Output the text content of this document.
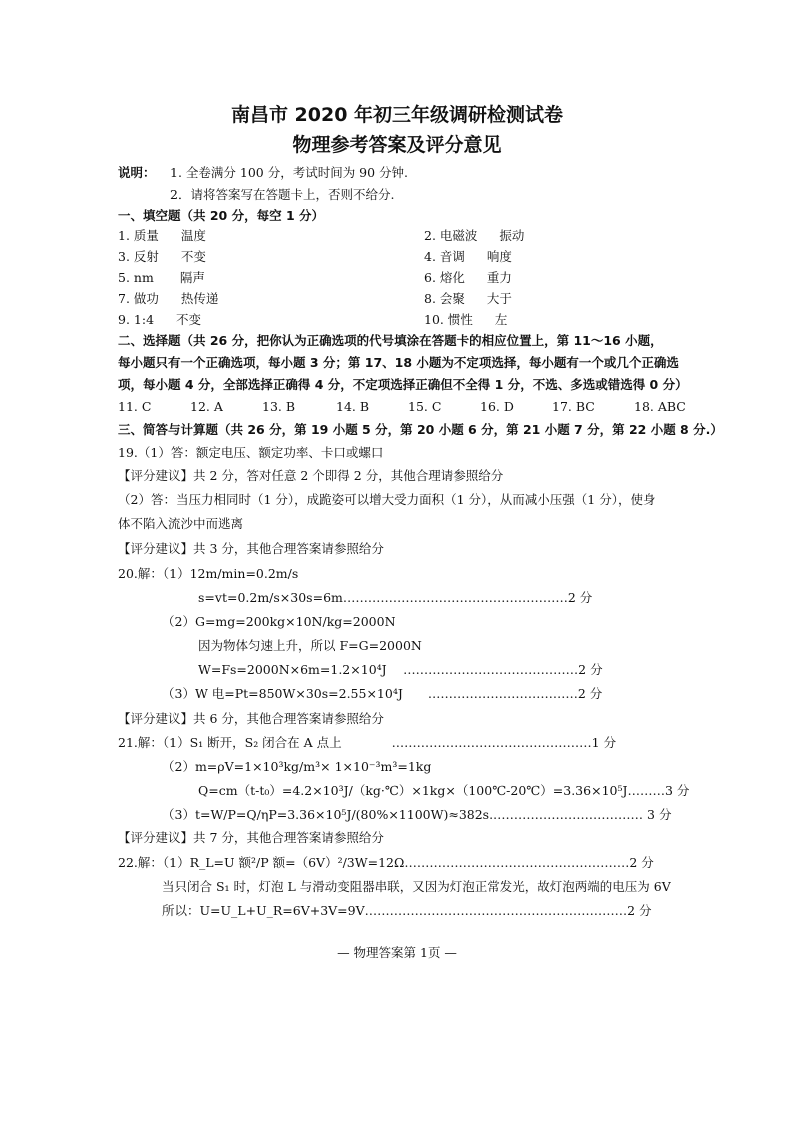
南昌市 2020 年初三年级调研检测试卷
物理参考答案及评分意见
说明： 1. 全卷满分 100 分，考试时间为 90 分钟.
2．请将答案写在答题卡上，否则不给分.
一、填空题（共 20 分，每空 1 分）
1. 质量 温度	2. 电磁波 振动
3. 反射 不变	4. 音调 响度
5. nm 隔声	6. 熔化 重力
7. 做功 热传递	8. 会聚 大于
9. 1:4 不变	10. 惯性 左
二、选择题（共 26 分，把你认为正确选项的代号填涂在答题卡的相应位置上，第 11～16 小题，
每小题只有一个正确选项，每小题 3 分；第 17、18 小题为不定项选择，每小题有一个或几个正确选
项，每小题 4 分，全部选择正确得 4 分，不定项选择正确但不全得 1 分，不选、多选或错选得 0 分）
11. C	12. A	13. B	14. B	15. C	16. D	17. BC	18. ABC
三、简答与计算题（共 26 分，第 19 小题 5 分，第 20 小题 6 分，第 21 小题 7 分，第 22 小题 8 分.）
19.（1）答：额定电压、额定功率、卡口或螺口
【评分建议】共 2 分，答对任意 2 个即得 2 分，其他合理请参照给分
（2）答：当压力相同时（1 分），成跪姿可以增大受力面积（1 分），从而减小压强（1 分），使身
体不陷入流沙中而逃离
【评分建议】共 3 分，其他合理答案请参照给分
20.解：（1）12m/min=0.2m/s
s=vt=0.2m/s×30s=6m………………………………………………2 分
（2）G=mg=200kg×10N/kg=2000N
因为物体匀速上升，所以 F=G=2000N
W=Fs=2000N×6m=1.2×10⁴J　 ……………………………………2 分
（3）W 电=Pt=850W×30s=2.55×10⁴J　　………………………………2 分
【评分建议】共 6 分，其他合理答案请参照给分
21.解：（1）S₁ 断开，S₂ 闭合在 A 点上　　　　…………………………………………1 分
（2）m=ρV=1×10³kg/m³× 1×10⁻³m³=1kg
Q=cm（t-t₀）=4.2×10³J/（kg·℃）×1kg×（100℃-20℃）=3.36×10⁵J………3 分
（3）t=W/P=Q/ηP=3.36×10⁵J/(80%×1100W)≈382s.……………………………… 3 分
【评分建议】共 7 分，其他合理答案请参照给分
22.解：（1）R_L=U 额²/P 额=（6V）²/3W=12Ω………………………………………………2 分
当只闭合 S₁ 时，灯泡 L 与滑动变阻器串联，又因为灯泡正常发光，故灯泡两端的电压为 6V
所以：U=U_L+U_R=6V+3V=9V………………………………………………………2 分
— 物理答案第 1页 —
